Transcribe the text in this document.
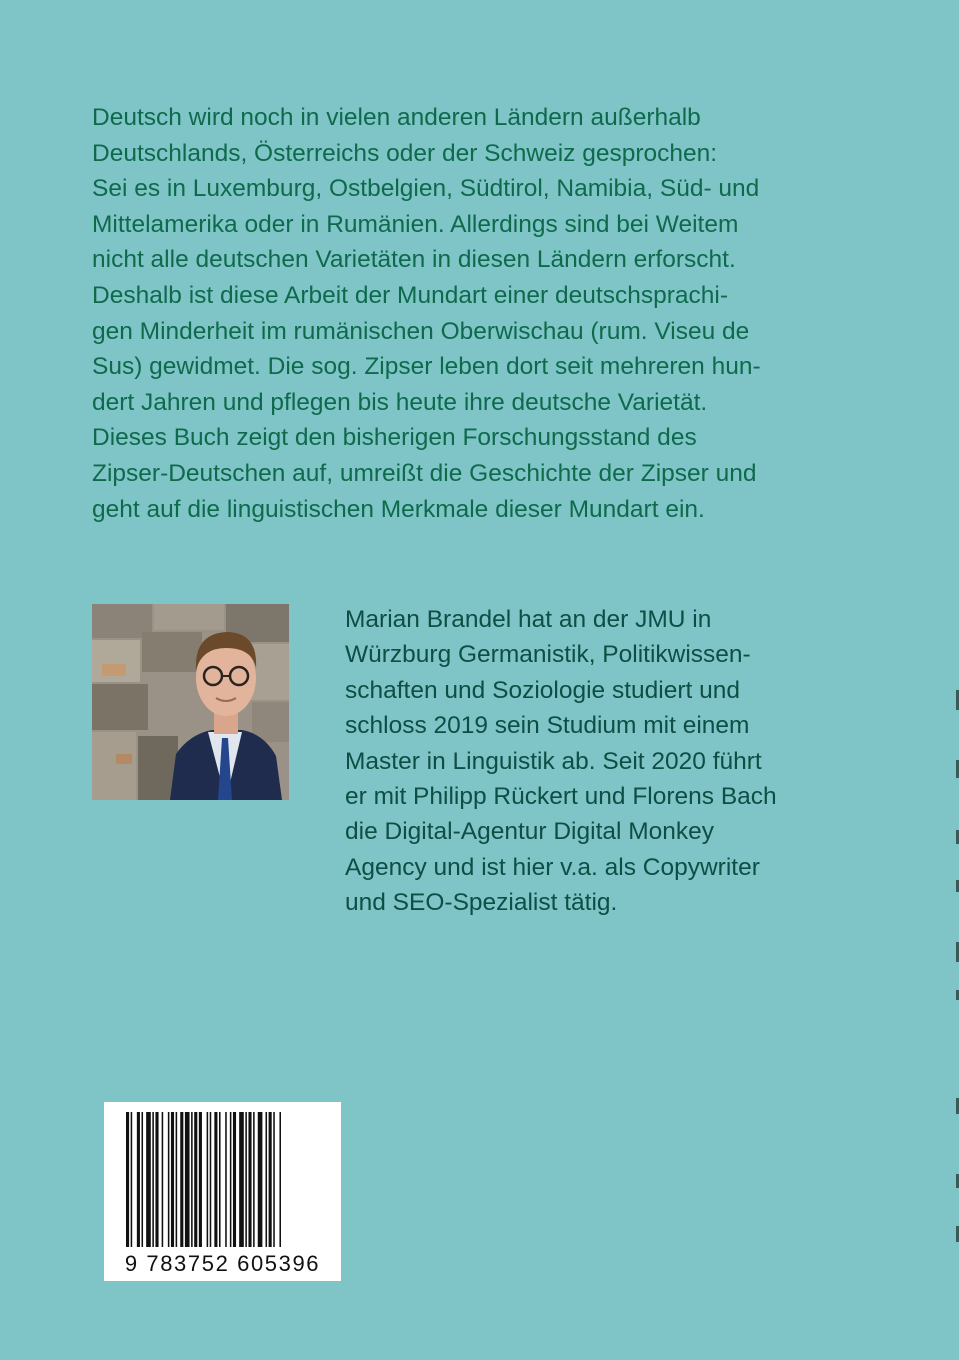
Deutsch wird noch in vielen anderen Ländern außerhalb
Deutschlands, Österreichs oder der Schweiz gesprochen:
Sei es in Luxemburg, Ostbelgien, Südtirol, Namibia, Süd- und
Mittelamerika oder in Rumänien. Allerdings sind bei Weitem
nicht alle deutschen Varietäten in diesen Ländern erforscht.
Deshalb ist diese Arbeit der Mundart einer deutschsprachi-
gen Minderheit im rumänischen Oberwischau (rum. Viseu de
Sus) gewidmet. Die sog. Zipser leben dort seit mehreren hun-
dert Jahren und pflegen bis heute ihre deutsche Varietät.
Dieses Buch zeigt den bisherigen Forschungsstand des
Zipser-Deutschen auf, umreißt die Geschichte der Zipser und
geht auf die linguistischen Merkmale dieser Mundart ein.
Marian Brandel hat an der JMU in
Würzburg Germanistik, Politikwissen-
schaften und Soziologie studiert und
schloss 2019 sein Studium mit einem
Master in Linguistik ab. Seit 2020 führt
er mit Philipp Rückert und Florens Bach
die Digital-Agentur Digital Monkey
Agency und ist hier v.a. als Copywriter
und SEO-Spezialist tätig.
9 783752 605396
